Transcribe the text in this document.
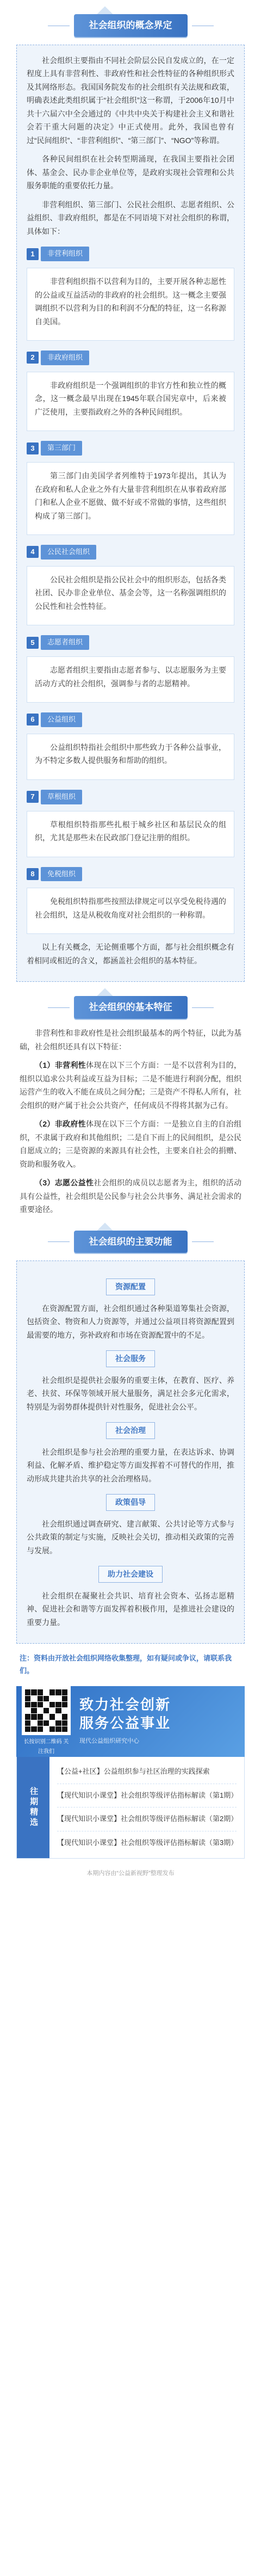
社会组织的概念界定

社会组织主要指由不同社会阶层公民自发成立的，在一定程度上具有非营利性、非政府性和社会性特征的各种组织形式及其网络形态。我国国务院发布的社会组织有关法规和政策，明确表述此类组织属于“社会组织”这一称谓，于2006年10月中共十六届六中全会通过的《中共中央关于构建社会主义和谐社会若干重大问题的决定》中正式使用。此外，我国也曾有过“民间组织”、“非营利组织”、“第三部门”、“NGO”等称谓。

各种民间组织在社会转型期涌现，在我国主要指社会团体、基金会、民办非企业单位等，是政府实现社会管理和公共服务职能的重要依托力量。

非营利组织、第三部门、公民社会组织、志愿者组织、公益组织、非政府组织，都是在不同语境下对社会组织的称谓，具体如下：

1	非营利组织

非营利组织指不以营利为目的，主要开展各种志愿性的公益或互益活动的非政府的社会组织。这一概念主要强调组织不以营利为目的和利润不分配的特征，这一名称源自美国。

2	非政府组织

非政府组织是一个强调组织的非官方性和独立性的概念，这一概念最早出现在1945年联合国宪章中，后来被广泛使用，主要指政府之外的各种民间组织。

3	第三部门

第三部门由美国学者列维特于1973年提出，其认为在政府和私人企业之外有大量非营利组织在从事着政府部门和私人企业不愿做、做不好或不常做的事情，这些组织构成了第三部门。

4	公民社会组织

公民社会组织是指公民社会中的组织形态，包括各类社团、民办非企业单位、基金会等，这一名称强调组织的公民性和社会性特征。

5	志愿者组织

志愿者组织主要指由志愿者参与、以志愿服务为主要活动方式的社会组织，强调参与者的志愿精神。

6	公益组织

公益组织特指社会组织中那些致力于各种公益事业，为不特定多数人提供服务和帮助的组织。

7	草根组织

草根组织特指那些扎根于城乡社区和基层民众的组织，尤其是那些未在民政部门登记注册的组织。

8	免税组织

免税组织特指那些按照法律规定可以享受免税待遇的社会组织，这是从税收角度对社会组织的一种称谓。

以上有关概念，无论侧重哪个方面，都与社会组织概念有着相同或相近的含义，都涵盖社会组织的基本特征。

社会组织的基本特征

非营利性和非政府性是社会组织最基本的两个特征，以此为基础，社会组织还具有以下特征：

（1）非营利性体现在以下三个方面：一是不以营利为目的，组织以追求公共利益或互益为目标；二是不能进行利润分配，组织运营产生的收入不能在成员之间分配；三是资产不得私人所有，社会组织的财产属于社会公共资产，任何成员不得将其据为己有。

（2）非政府性体现在以下三个方面：一是独立自主的自治组织，不隶属于政府和其他组织；二是自下而上的民间组织，是公民自愿成立的；三是资源的来源具有社会性，主要来自社会的捐赠、资助和服务收入。

（3）志愿公益性社会组织的成员以志愿者为主，组织的活动具有公益性，社会组织是公民参与社会公共事务、满足社会需求的重要途径。

社会组织的主要功能
资源配置

在资源配置方面，社会组织通过各种渠道筹集社会资源，包括资金、物资和人力资源等，并通过公益项目将资源配置到最需要的地方，弥补政府和市场在资源配置中的不足。

社会服务

社会组织是提供社会服务的重要主体，在教育、医疗、养老、扶贫、环保等领域开展大量服务，满足社会多元化需求，特别是为弱势群体提供针对性服务，促进社会公平。

社会治理

社会组织是参与社会治理的重要力量，在表达诉求、协调利益、化解矛盾、维护稳定等方面发挥着不可替代的作用，推动形成共建共治共享的社会治理格局。

政策倡导

社会组织通过调查研究、建言献策、公共讨论等方式参与公共政策的制定与实施，反映社会关切，推动相关政策的完善与发展。

助力社会建设

社会组织在凝聚社会共识、培育社会资本、弘扬志愿精神、促进社会和谐等方面发挥着积极作用，是推进社会建设的重要力量。

注：资料由开放社会组织网络收集整理，如有疑问或争议，请联系我们。
长按识别二维码 关注我们
致力社会创新
服务公益事业
现代公益组织研究中心
往期精选
【公益+社区】公益组织参与社区治理的实践探索
【现代知识小课堂】社会组织等级评估指标解读（第1期）
【现代知识小课堂】社会组织等级评估指标解读（第2期）
【现代知识小课堂】社会组织等级评估指标解读（第3期）
本期内容由“公益新视野”整理发布
